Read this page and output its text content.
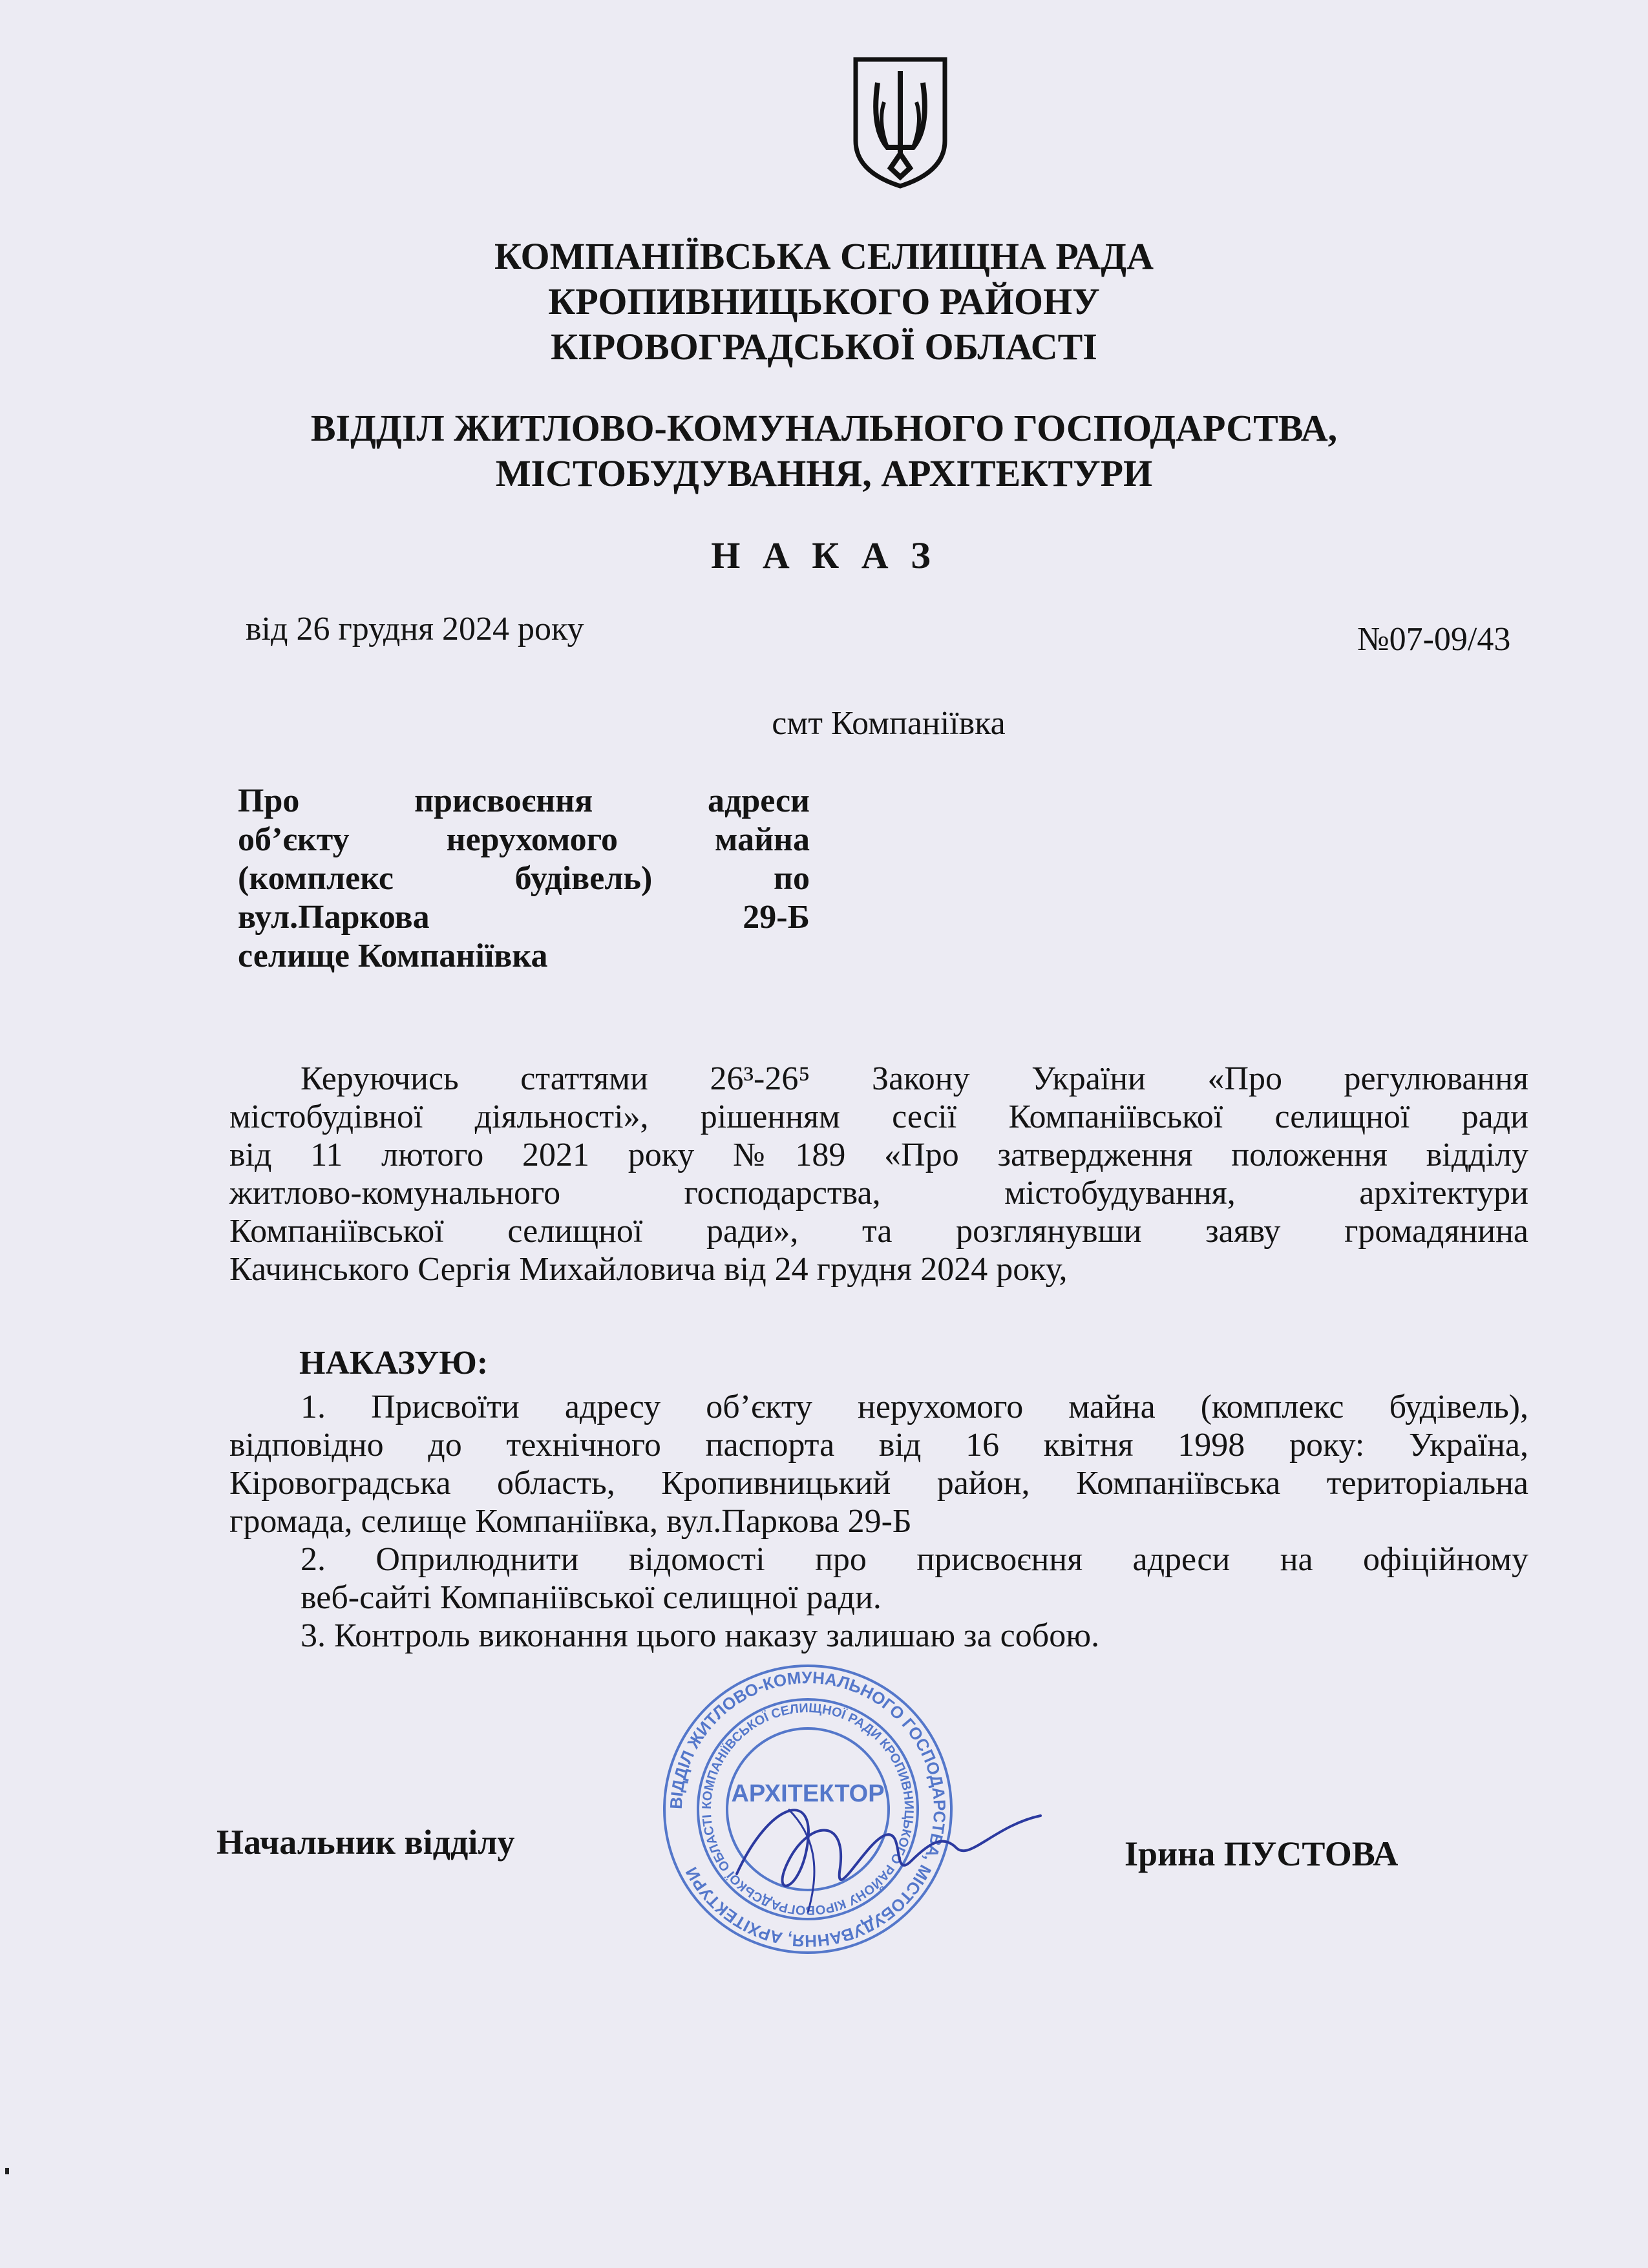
КОМПАНІЇВСЬКА СЕЛИЩНА РАДА
КРОПИВНИЦЬКОГО РАЙОНУ
КІРОВОГРАДСЬКОЇ ОБЛАСТІ
ВІДДІЛ ЖИТЛОВО-КОМУНАЛЬНОГО ГОСПОДАРСТВА,
МІСТОБУДУВАННЯ, АРХІТЕКТУРИ
Н А К А З
від 26 грудня 2024 року	№07-09/43
смт Компаніївка
Про присвоєння адреси
об’єкту нерухомого майна
(комплекс будівель) по
вул.Паркова 29-Б
селище Компаніївка
Керуючись статтями 26³-26⁵ Закону України «Про регулювання
містобудівної діяльності», рішенням сесії Компаніївської селищної ради
від 11 лютого 2021 року №189 «Про затвердження положення відділу
житлово-комунального господарства, містобудування, архітектури
Компаніївської селищної ради», та розглянувши заяву громадянина
Качинського Сергія Михайловича від 24 грудня 2024 року,
НАКАЗУЮ:
1. Присвоїти адресу об’єкту нерухомого майна (комплекс будівель),
відповідно до технічного паспорта від 16 квітня 1998 року: Україна,
Кіровоградська область, Кропивницький район, Компаніївська територіальна
громада, селище Компаніївка, вул.Паркова 29-Б
2. Оприлюднити відомості про присвоєння адреси на офіційному
веб-сайті Компаніївської селищної ради.
3. Контроль виконання цього наказу залишаю за собою.
ВІДДІЛ ЖИТЛОВО-КОМУНАЛЬНОГО ГОСПОДАРСТВА, МІСТОБУДУВАННЯ, АРХІТЕКТУРИ
КОМПАНІЇВСЬКОЇ СЕЛИЩНОЇ РАДИ КРОПИВНИЦЬКОГО РАЙОНУ КІРОВОГРАДСЬКОЇ ОБЛАСТІ
АРХІТЕКТОР
Начальник відділу	Ірина ПУСТОВА
